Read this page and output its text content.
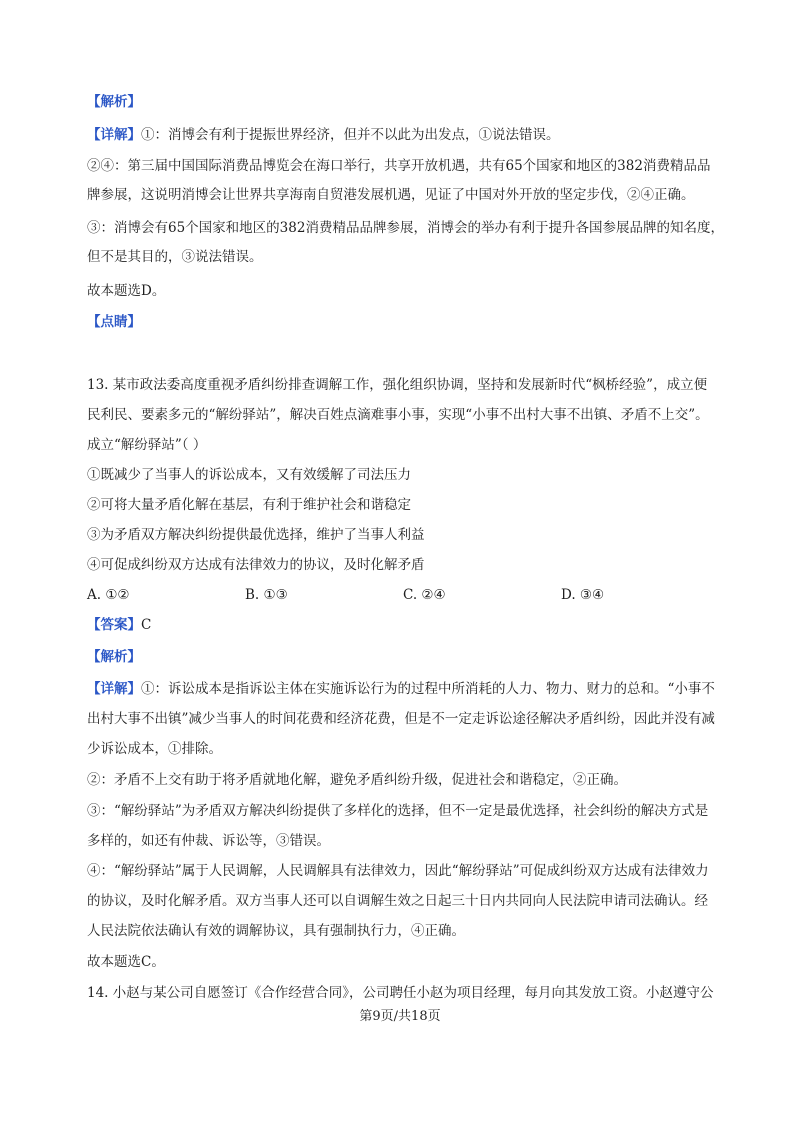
【解析】
【详解】①：消博会有利于提振世界经济，但并不以此为出发点，①说法错误。
②④：第三届中国国际消费品博览会在海口举行，共享开放机遇，共有65个国家和地区的382消费精品品
牌参展，这说明消博会让世界共享海南自贸港发展机遇，见证了中国对外开放的坚定步伐，②④正确。
③：消博会有65个国家和地区的382消费精品品牌参展，消博会的举办有利于提升各国参展品牌的知名度，
但不是其目的，③说法错误。
故本题选D。
【点睛】
13. 某市政法委高度重视矛盾纠纷排查调解工作，强化组织协调，坚持和发展新时代“枫桥经验”，成立便
民利民、要素多元的“解纷驿站”，解决百姓点滴难事小事，实现“小事不出村大事不出镇、矛盾不上交”。
成立“解纷驿站”（ ）
①既减少了当事人的诉讼成本，又有效缓解了司法压力
②可将大量矛盾化解在基层，有利于维护社会和谐稳定
③为矛盾双方解决纠纷提供最优选择，维护了当事人利益
④可促成纠纷双方达成有法律效力的协议，及时化解矛盾
A. ①②	B. ①③	C. ②④	D. ③④
【答案】C
【解析】
【详解】①：诉讼成本是指诉讼主体在实施诉讼行为的过程中所消耗的人力、物力、财力的总和。“小事不
出村大事不出镇”减少当事人的时间花费和经济花费，但是不一定走诉讼途径解决矛盾纠纷，因此并没有减
少诉讼成本，①排除。
②：矛盾不上交有助于将矛盾就地化解，避免矛盾纠纷升级，促进社会和谐稳定，②正确。
③：“解纷驿站”为矛盾双方解决纠纷提供了多样化的选择，但不一定是最优选择，社会纠纷的解决方式是
多样的，如还有仲裁、诉讼等，③错误。
④：“解纷驿站”属于人民调解，人民调解具有法律效力，因此“解纷驿站”可促成纠纷双方达成有法律效力
的协议，及时化解矛盾。双方当事人还可以自调解生效之日起三十日内共同向人民法院申请司法确认。经
人民法院依法确认有效的调解协议，具有强制执行力，④正确。
故本题选C。
14. 小赵与某公司自愿签订《合作经营合同》，公司聘任小赵为项目经理，每月向其发放工资。小赵遵守公
第9页/共18页
